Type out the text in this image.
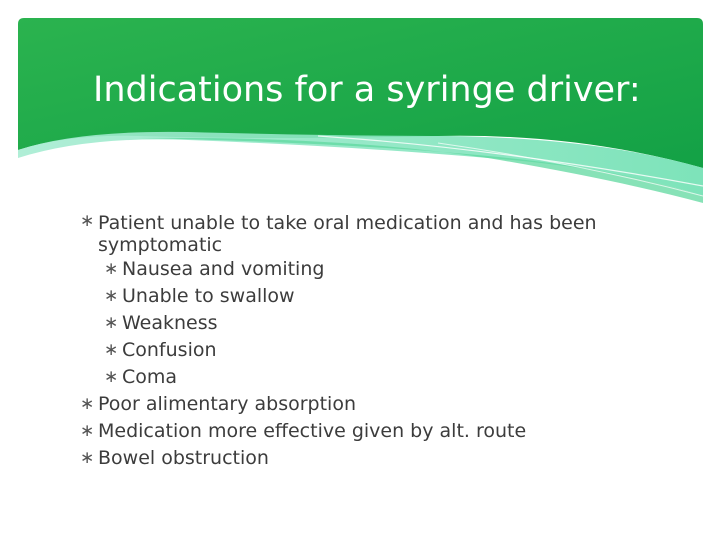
Indications for a syringe driver:
∗ Patient unable to take oral medication and has been symptomatic
∗ Nausea and vomiting
∗ Unable to swallow
∗ Weakness
∗ Confusion
∗ Coma
∗ Poor alimentary absorption
∗ Medication more effective given by alt. route
∗ Bowel obstruction
